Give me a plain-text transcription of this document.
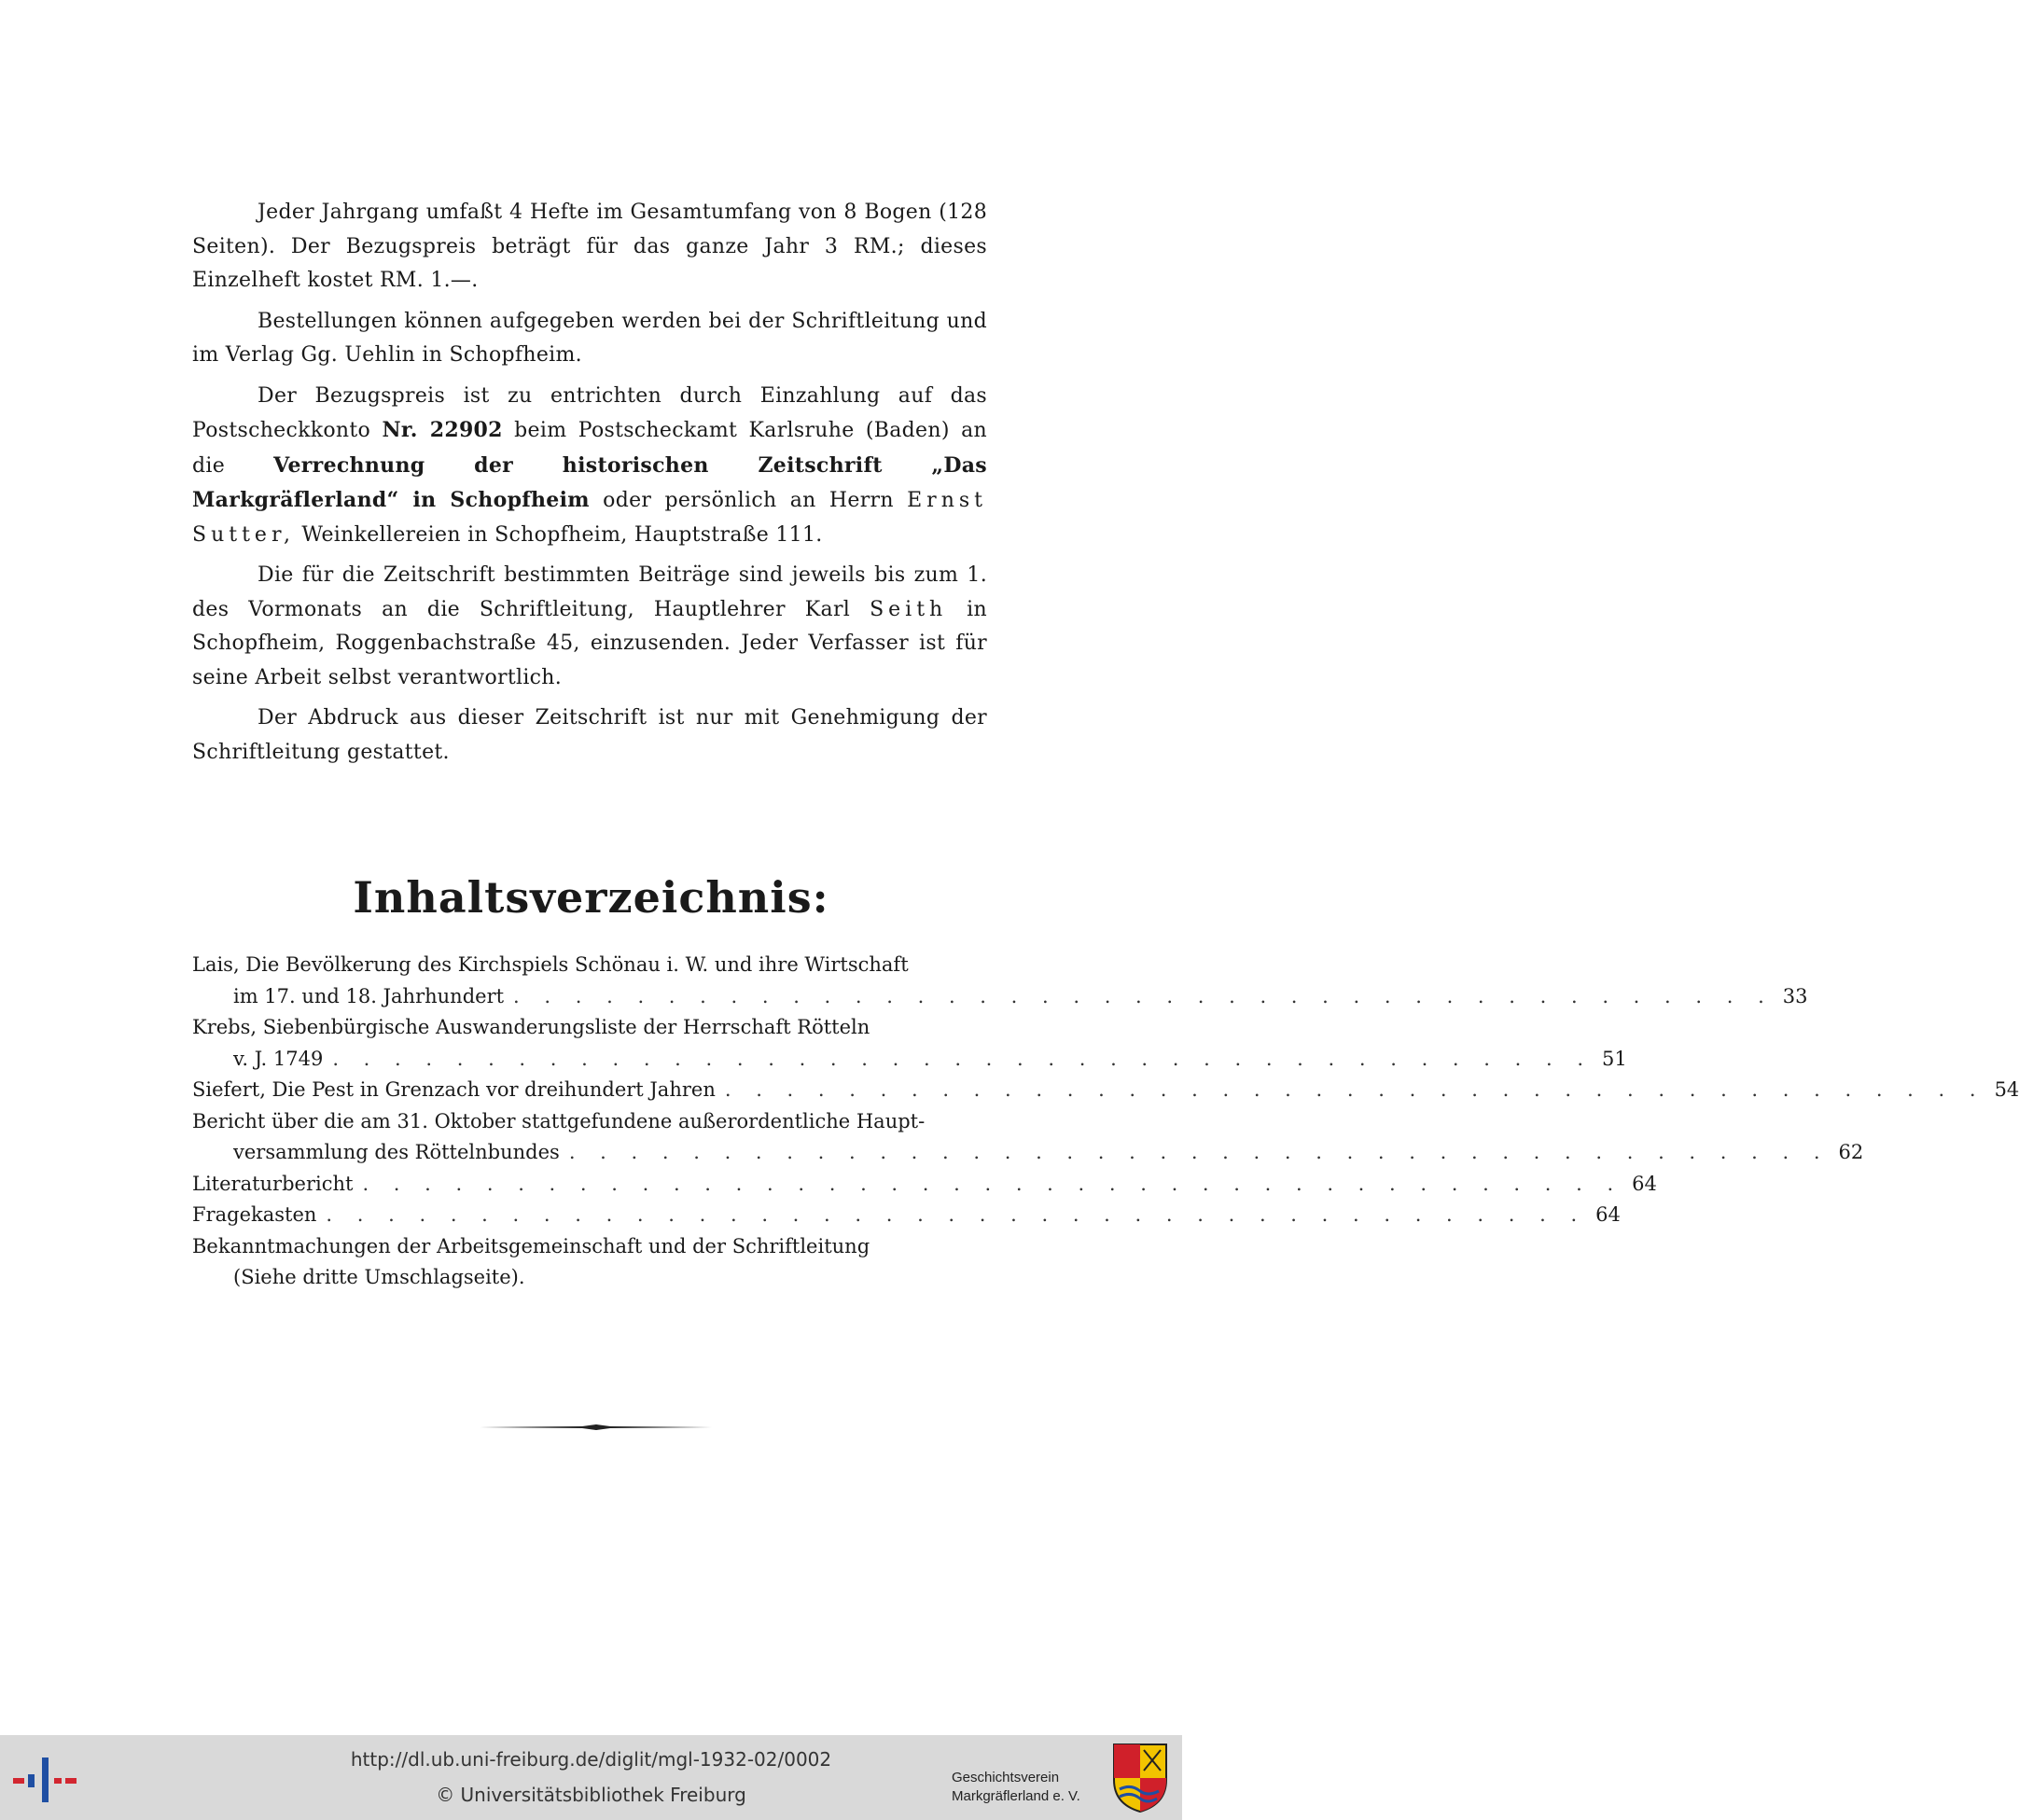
Jeder Jahrgang umfaßt 4 Hefte im Gesamtumfang von 8 Bogen (128 Seiten). Der Bezugspreis beträgt für das ganze Jahr 3 RM.; dieses Einzelheft kostet RM. 1.—.

Bestellungen können aufgegeben werden bei der Schriftleitung und im Verlag Gg. Uehlin in Schopfheim.

Der Bezugspreis ist zu entrichten durch Einzahlung auf das Postscheckkonto Nr. 22902 beim Postscheckamt Karlsruhe (Baden) an die Verrechnung der historischen Zeitschrift „Das Markgräflerland“ in Schopfheim oder persönlich an Herrn Ernst Sutter, Weinkellereien in Schopfheim, Hauptstraße 111.

Die für die Zeitschrift bestimmten Beiträge sind jeweils bis zum 1. des Vormonats an die Schriftleitung, Hauptlehrer Karl Seith in Schopfheim, Roggenbachstraße 45, einzusenden. Jeder Verfasser ist für seine Arbeit selbst verantwortlich.

Der Abdruck aus dieser Zeitschrift ist nur mit Genehmigung der Schriftleitung gestattet.

Inhaltsverzeichnis:
Lais, Die Bevölkerung des Kirchspiels Schönau i. W. und ihre Wirtschaft
im 17. und 18. Jahrhundert . . . . . . . . . . . . . . . . . . . . . . . . . . . . . . . . . . . . . . . . . 33
Krebs, Siebenbürgische Auswanderungsliste der Herrschaft Rötteln
v. J. 1749 . . . . . . . . . . . . . . . . . . . . . . . . . . . . . . . . . . . . . . . . . 51
Siefert, Die Pest in Grenzach vor dreihundert Jahren . . . . . . . . . . . . . . . . . . . . . . . . . . . . . . . . . . . . . . . . . 54
Bericht über die am 31. Oktober stattgefundene außerordentliche Haupt-
versammlung des Röttelnbundes . . . . . . . . . . . . . . . . . . . . . . . . . . . . . . . . . . . . . . . . . 62
Literaturbericht . . . . . . . . . . . . . . . . . . . . . . . . . . . . . . . . . . . . . . . . . 64
Fragekasten . . . . . . . . . . . . . . . . . . . . . . . . . . . . . . . . . . . . . . . . . 64
Bekanntmachungen der Arbeitsgemeinschaft und der Schriftleitung
(Siehe dritte Umschlagseite).
http://dl.ub.uni-freiburg.de/diglit/mgl-1932-02/0002
© Universitätsbibliothek Freiburg
Geschichtsverein
Markgräflerland e. V.
